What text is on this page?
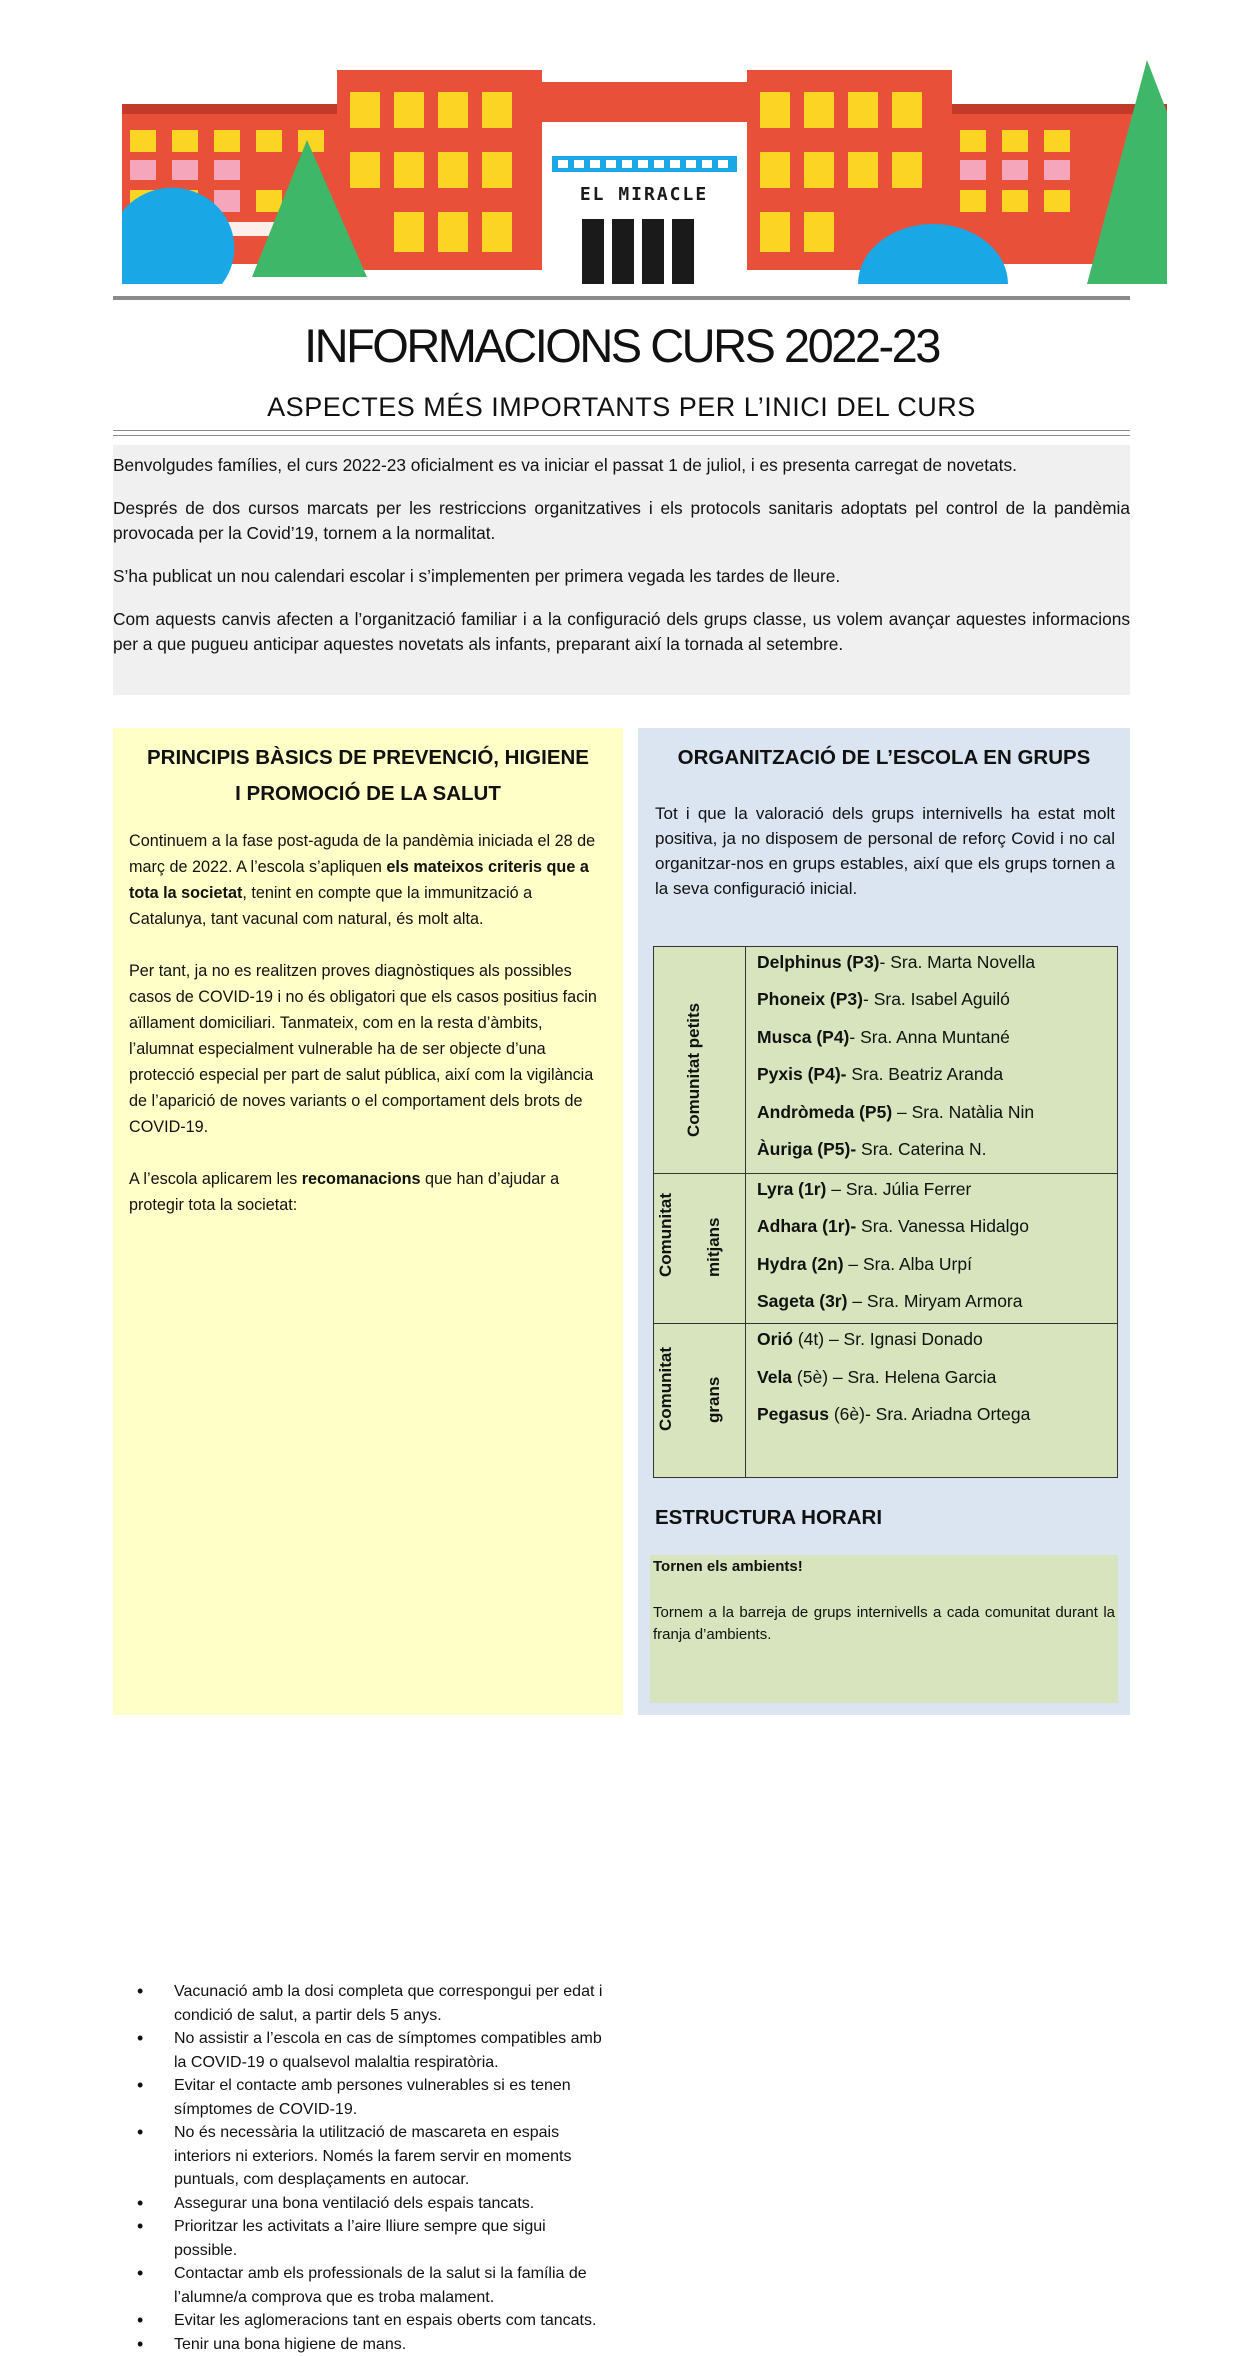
EL MIRACLE
INFORMACIONS CURS 2022-23
ASPECTES MÉS IMPORTANTS PER L’INICI DEL CURS

Benvolgudes famílies, el curs 2022-23 oficialment es va iniciar el passat 1 de juliol, i es presenta carregat de novetats.

Després de dos cursos marcats per les restriccions organitzatives i els protocols sanitaris adoptats pel control de la pandèmia provocada per la Covid’19, tornem a la normalitat.

S’ha publicat un nou calendari escolar i s’implementen per primera vegada les tardes de lleure.

Com aquests canvis afecten a l’organització familiar i a la configuració dels grups classe, us volem avançar aquestes informacions per a que pugueu anticipar aquestes novetats als infants, preparant així la tornada al setembre.

PRINCIPIS BÀSICS DE PREVENCIÓ, HIGIENE
I PROMOCIÓ DE LA SALUT

Continuem a la fase post-aguda de la pandèmia iniciada el 28 de març de 2022. A l’escola s’apliquen els mateixos criteris que a tota la societat, tenint en compte que la immunització a Catalunya, tant vacunal com natural, és molt alta.

Per tant, ja no es realitzen proves diagnòstiques als possibles casos de COVID-19 i no és obligatori que els casos positius facin aïllament domiciliari. Tanmateix, com en la resta d’àmbits, l’alumnat especialment vulnerable ha de ser objecte d’una protecció especial per part de salut pública, així com la vigilància de l’aparició de noves variants o el comportament dels brots de COVID-19.

A l’escola aplicarem les recomanacions que han d’ajudar a protegir tota la societat:

• Vacunació amb la dosi completa que correspongui per edat i condició de salut, a partir dels 5 anys.
• No assistir a l’escola en cas de símptomes compatibles amb la COVID-19 o qualsevol malaltia respiratòria.
• Evitar el contacte amb persones vulnerables si es tenen símptomes de COVID-19.
• No és necessària la utilització de mascareta en espais interiors ni exteriors. Només la farem servir en moments puntuals, com desplaçaments en autocar.
• Assegurar una bona ventilació dels espais tancats.
• Prioritzar les activitats a l’aire lliure sempre que sigui possible.
• Contactar amb els professionals de la salut si la família de l’alumne/a comprova que es troba malament.
• Evitar les aglomeracions tant en espais oberts com tancats.
• Tenir una bona higiene de mans.
ORGANITZACIÓ DE L’ESCOLA EN GRUPS
Tot i que la valoració dels grups internivells ha estat molt positiva, ja no disposem de personal de reforç Covid i no cal organitzar-nos en grups estables, així que els grups tornen a la seva configuració inicial.
Comunitat petits
Delphinus (P3)- Sra. Marta Novella
Phoneix (P3)- Sra. Isabel Aguiló
Musca (P4)- Sra. Anna Muntané
Pyxis (P4)- Sra. Beatriz Aranda
Andròmeda (P5) – Sra. Natàlia Nin
Àuriga (P5)- Sra. Caterina N.
Comunitat mitjans
Lyra (1r) – Sra. Júlia Ferrer
Adhara (1r)- Sra. Vanessa Hidalgo
Hydra (2n) – Sra. Alba Urpí
Sageta (3r) – Sra. Miryam Armora
Comunitat grans
Orió (4t) – Sr. Ignasi Donado
Vela (5è) – Sra. Helena Garcia
Pegasus (6è)- Sra. Ariadna Ortega
ESTRUCTURA HORARI
Tornen els ambients!
Tornem a la barreja de grups internivells a cada comunitat durant la franja d’ambients.
